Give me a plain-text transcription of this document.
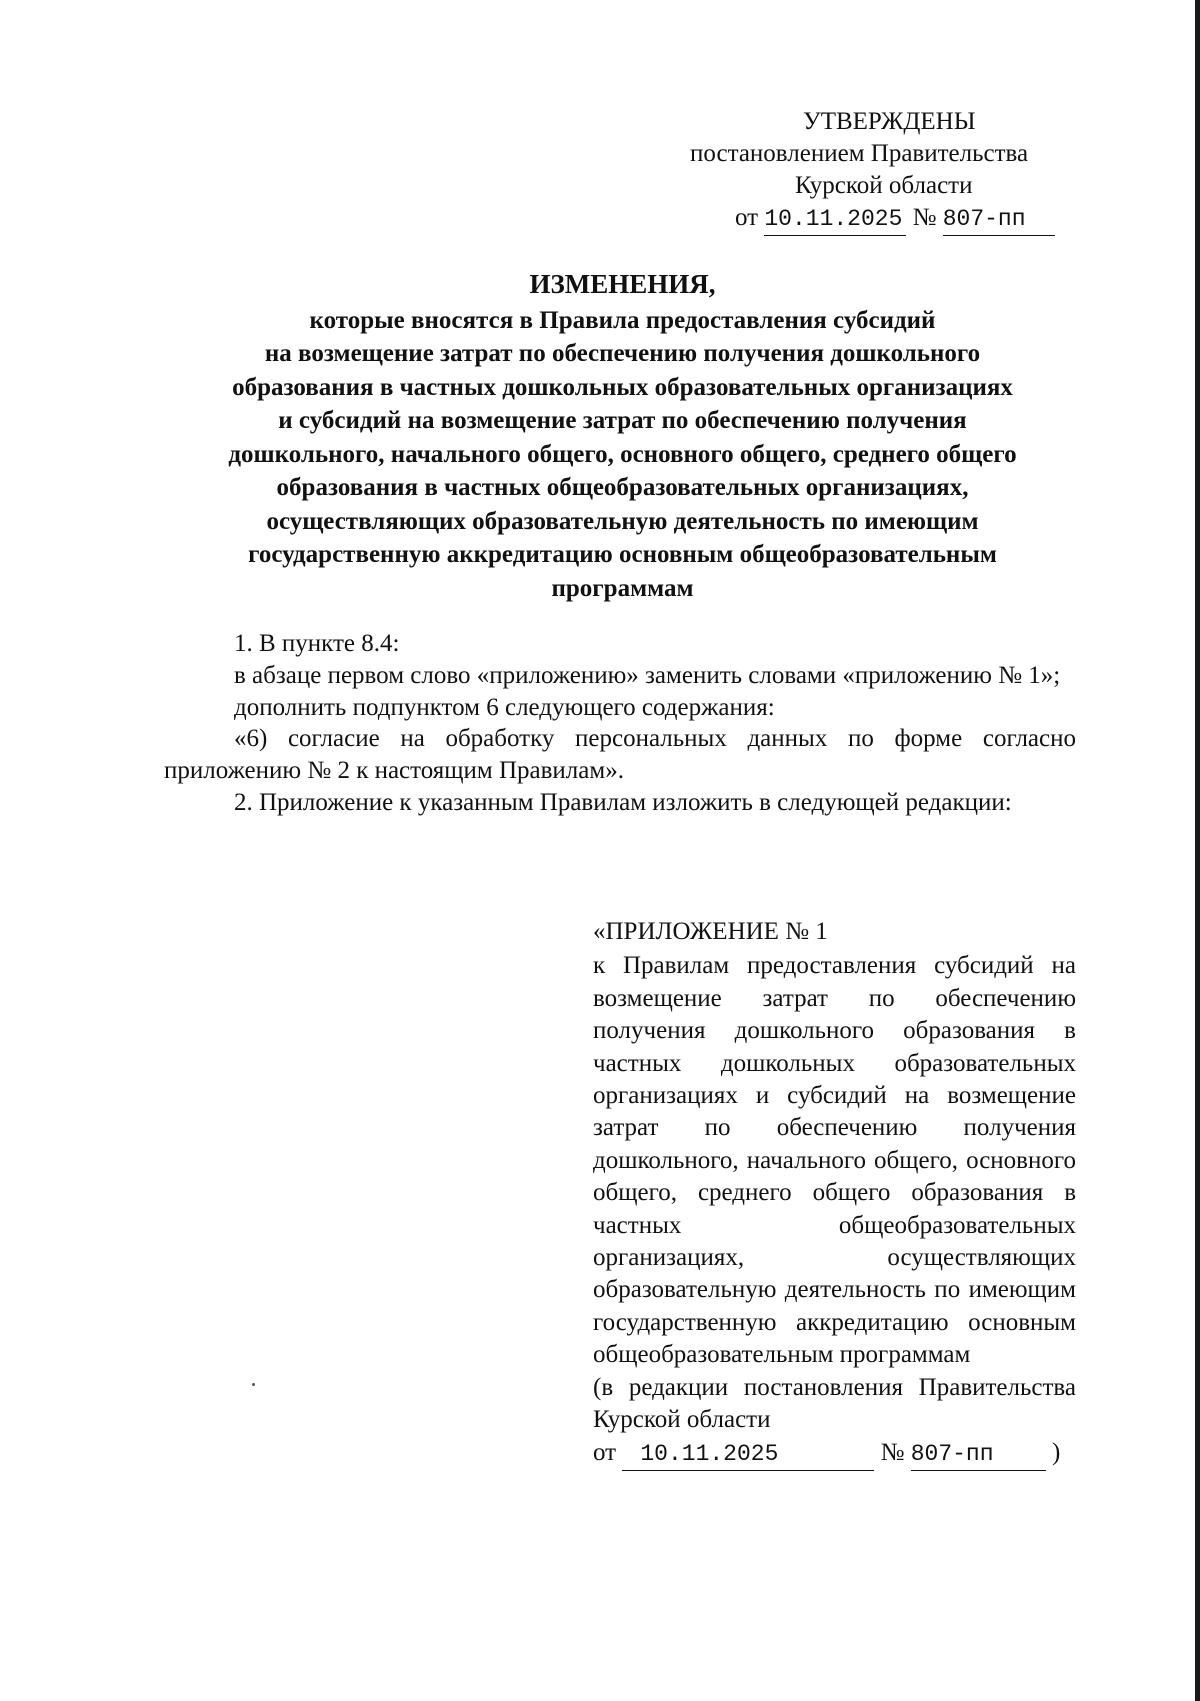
УТВЕРЖДЕНЫ
постановлением Правительства
Курской области
от 10.11.2025 № 807-пп
ИЗМЕНЕНИЯ,
которые вносятся в Правила предоставления субсидий
на возмещение затрат по обеспечению получения дошкольного
образования в частных дошкольных образовательных организациях
и субсидий на возмещение затрат по обеспечению получения
дошкольного, начального общего, основного общего, среднего общего
образования в частных общеобразовательных организациях,
осуществляющих образовательную деятельность по имеющим
государственную аккредитацию основным общеобразовательным
программам

1. В пункте 8.4:

в абзаце первом слово «приложению» заменить словами «приложению № 1»;

дополнить подпунктом 6 следующего содержания:

«6) согласие на обработку персональных данных по форме согласно приложению № 2 к настоящим Правилам».

2. Приложение к указанным Правилам изложить в следующей редакции:

«ПРИЛОЖЕНИЕ № 1
к Правилам предоставления субсидий на возмещение затрат по обеспечению получения дошкольного образования в частных дошкольных образовательных организациях и субсидий на возмещение затрат по обеспечению получения дошкольного, начального общего, основного общего, среднего общего образования в частных общеобразовательных организациях, осуществляющих образовательную деятельность по имеющим государственную аккредитацию основным общеобразовательным программам
(в редакции постановления Правительства Курской области
от 10.11.2025	№ 807-пп )
